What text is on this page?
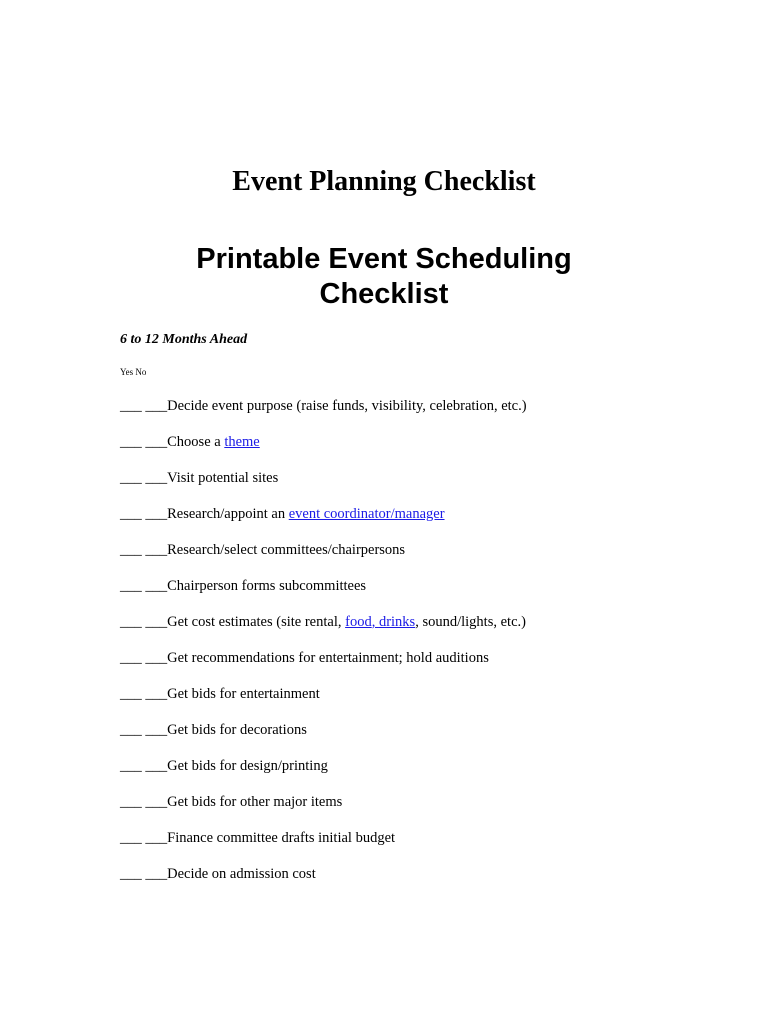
Event Planning Checklist
Printable Event Scheduling
Checklist
6 to 12 Months Ahead
Yes No
___ ___Decide event purpose (raise funds, visibility, celebration, etc.)
___ ___Choose a theme
___ ___Visit potential sites
___ ___Research/appoint an event coordinator/manager
___ ___Research/select committees/chairpersons
___ ___Chairperson forms subcommittees
___ ___Get cost estimates (site rental, food, drinks, sound/lights, etc.)
___ ___Get recommendations for entertainment; hold auditions
___ ___Get bids for entertainment
___ ___Get bids for decorations
___ ___Get bids for design/printing
___ ___Get bids for other major items
___ ___Finance committee drafts initial budget
___ ___Decide on admission cost
